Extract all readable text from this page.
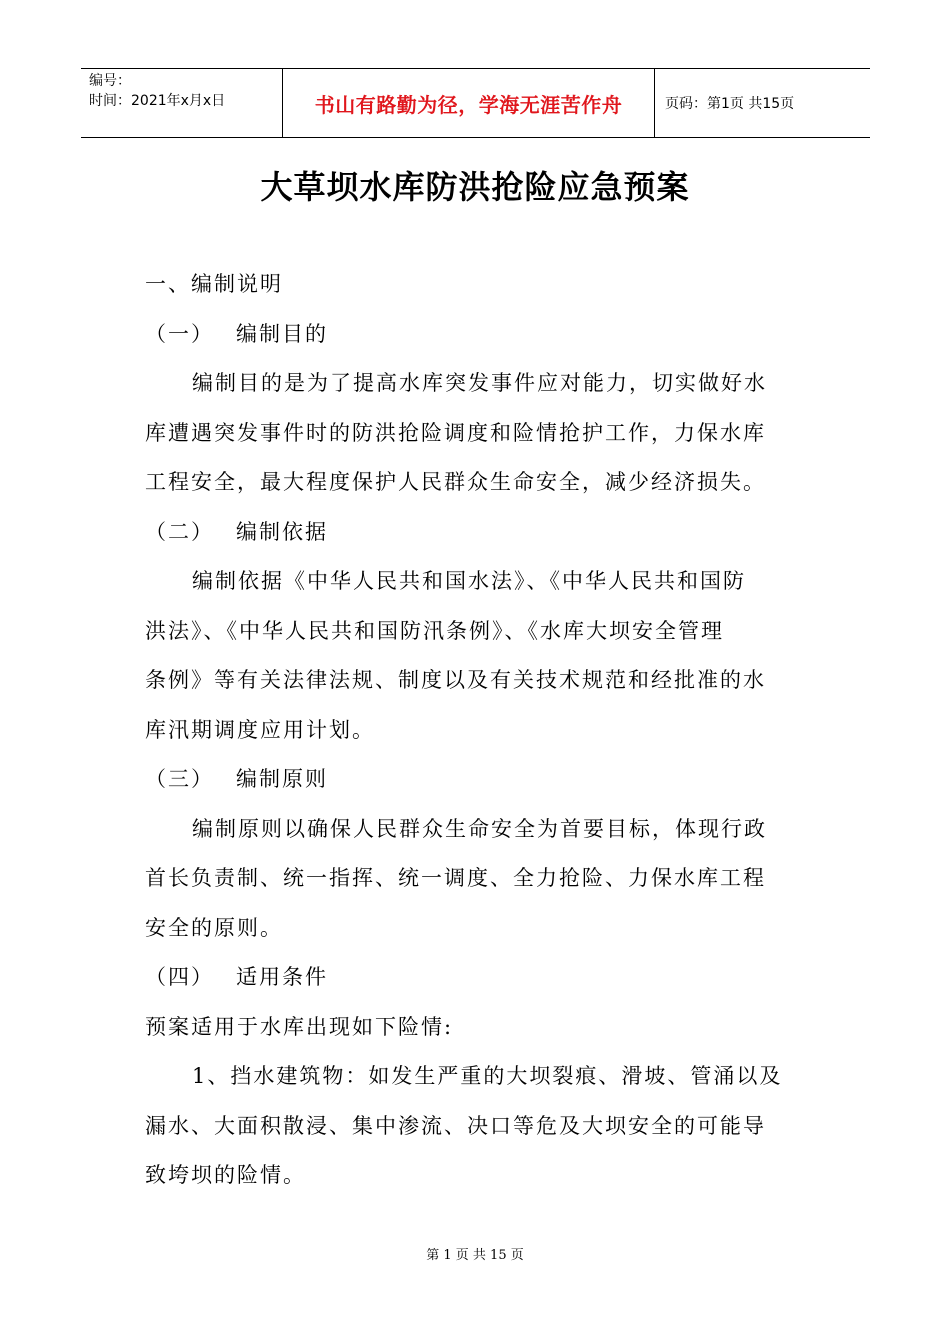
编号：
时间：2021年x月x日	书山有路勤为径，学海无涯苦作舟	页码：第1页 共15页
大草坝水库防洪抢险应急预案
一、编制说明
（一） 编制目的
编制目的是为了提高水库突发事件应对能力，切实做好水
库遭遇突发事件时的防洪抢险调度和险情抢护工作，力保水库
工程安全，最大程度保护人民群众生命安全，减少经济损失。
（二） 编制依据
编制依据《中华人民共和国水法》、《中华人民共和国防
洪法》、《中华人民共和国防汛条例》、《水库大坝安全管理
条例》等有关法律法规、制度以及有关技术规范和经批准的水
库汛期调度应用计划。
（三） 编制原则
编制原则以确保人民群众生命安全为首要目标，体现行政
首长负责制、统一指挥、统一调度、全力抢险、力保水库工程
安全的原则。
（四） 适用条件
预案适用于水库出现如下险情:
1、挡水建筑物：如发生严重的大坝裂痕、滑坡、管涌以及
漏水、大面积散浸、集中渗流、决口等危及大坝安全的可能导
致垮坝的险情。
第 1 页 共 15 页
